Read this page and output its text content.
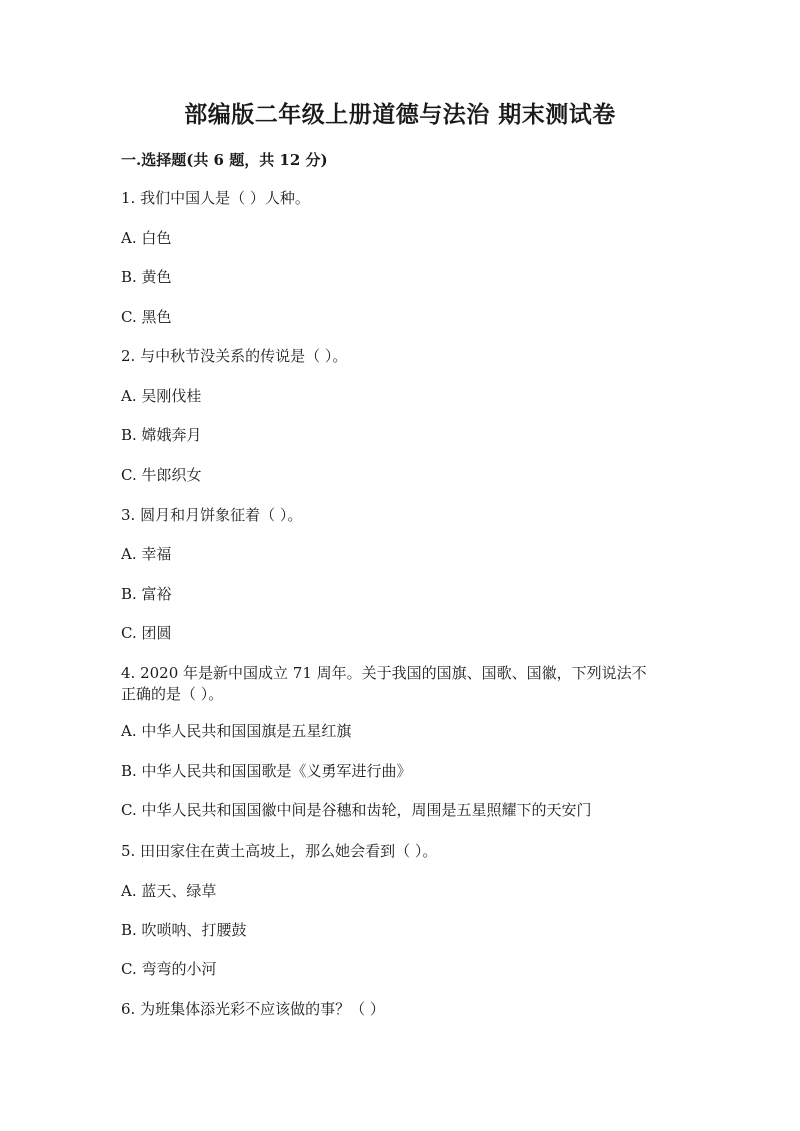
部编版二年级上册道德与法治 期末测试卷
一.选择题(共 6 题，共 12 分)
1. 我们中国人是（ ）人种。
A. 白色
B. 黄色
C. 黑色
2. 与中秋节没关系的传说是（ ）。
A. 吴刚伐桂
B. 嫦娥奔月
C. 牛郎织女
3. 圆月和月饼象征着（ ）。
A. 幸福
B. 富裕
C. 团圆
4. 2020 年是新中国成立 71 周年。关于我国的国旗、国歌、国徽，下列说法不
正确的是（ ）。
A. 中华人民共和国国旗是五星红旗
B. 中华人民共和国国歌是《义勇军进行曲》
C. 中华人民共和国国徽中间是谷穗和齿轮，周围是五星照耀下的天安门
5. 田田家住在黄土高坡上，那么她会看到（ ）。
A. 蓝天、绿草
B. 吹唢呐、打腰鼓
C. 弯弯的小河
6. 为班集体添光彩不应该做的事？（ ）
